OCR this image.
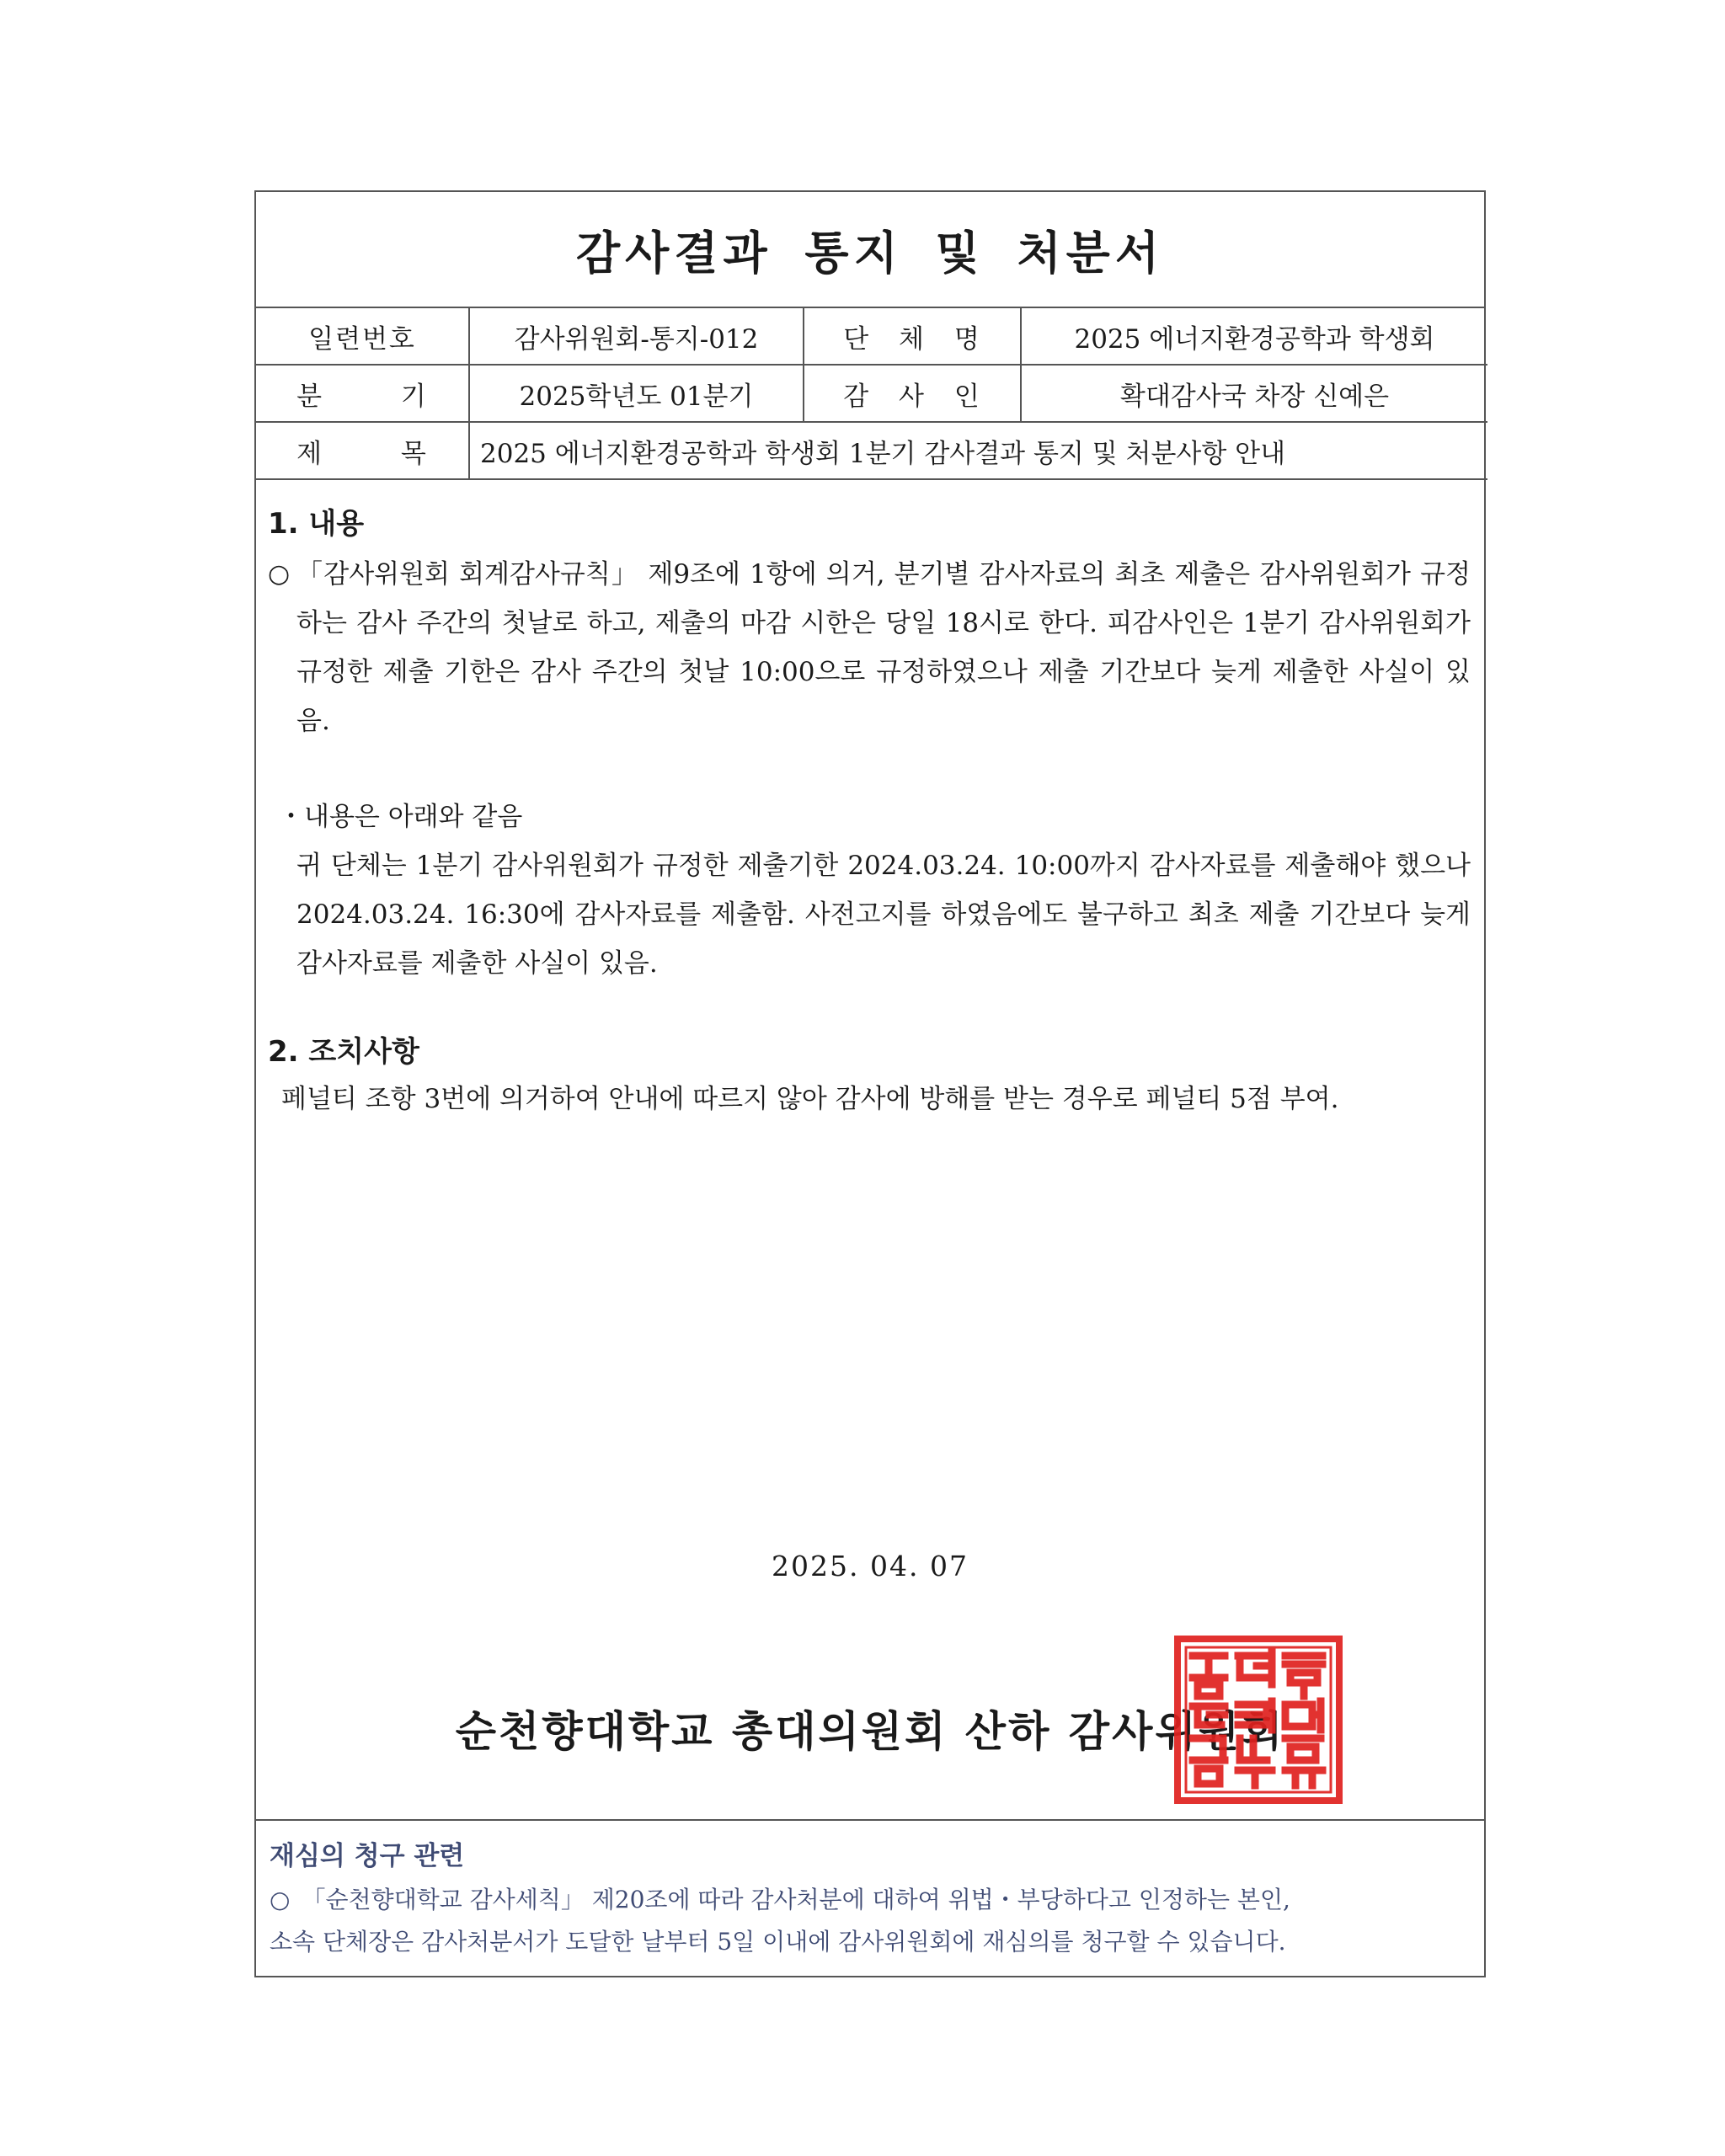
감사결과 통지 및 처분서
일련번호	감사위원회-통지-012	단 체 명	2025 에너지환경공학과 학생회
분 기	2025학년도 01분기	감 사 인	확대감사국 차장 신예은
제 목	2025 에너지환경공학과 학생회 1분기 감사결과 통지 및 처분사항 안내		
1. 내용
○ 「감사위원회 회계감사규칙」 제9조에 1항에 의거, 분기별 감사자료의 최초 제출은 감사위원회가 규정하는 감사 주간의 첫날로 하고, 제출의 마감 시한은 당일 18시로 한다. 피감사인은 1분기 감사위원회가 규정한 제출 기한은 감사 주간의 첫날 10:00으로 규정하였으나 제출 기간보다 늦게 제출한 사실이 있음.
・내용은 아래와 같음
귀 단체는 1분기 감사위원회가 규정한 제출기한 2024.03.24. 10:00까지 감사자료를 제출해야 했으나 2024.03.24. 16:30에 감사자료를 제출함. 사전고지를 하였음에도 불구하고 최초 제출 기간보다 늦게 감사자료를 제출한 사실이 있음.
2. 조치사항
페널티 조항 3번에 의거하여 안내에 따르지 않아 감사에 방해를 받는 경우로 페널티 5점 부여.
2025. 04. 07
순천향대학교 총대의원회 산하 감사위원회
재심의 청구 관련
○ 「순천향대학교 감사세칙」 제20조에 따라 감사처분에 대하여 위법・부당하다고 인정하는 본인,
소속 단체장은 감사처분서가 도달한 날부터 5일 이내에 감사위원회에 재심의를 청구할 수 있습니다.
